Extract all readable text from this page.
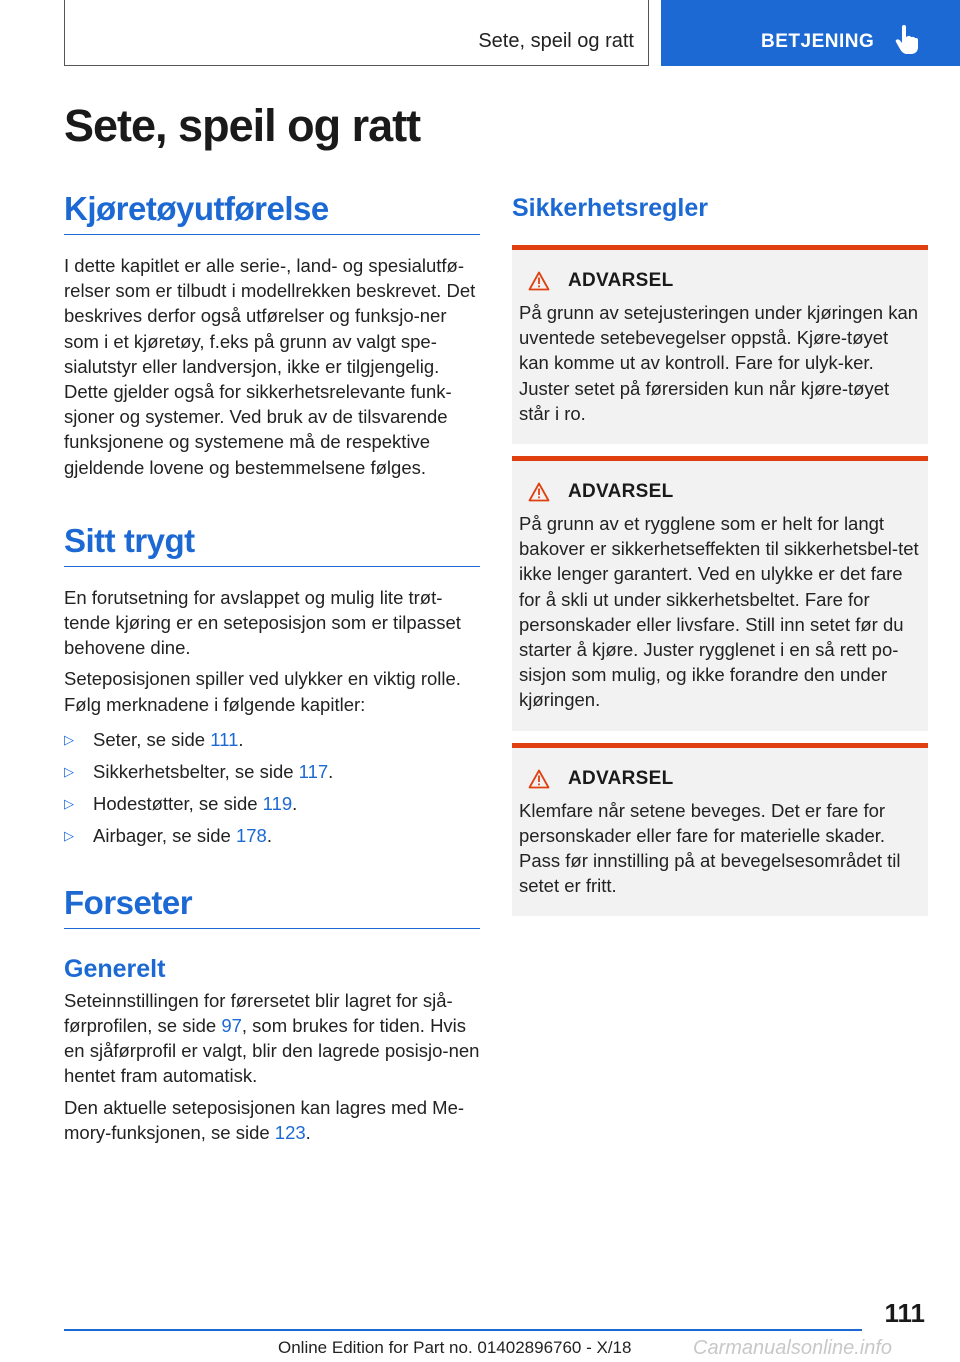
Sete, speil og ratt	BETJENING
Sete, speil og ratt
Kjøretøyutførelse

I dette kapitlet er alle serie-, land- og spesialutfø-relser som er tilbudt i modellrekken beskrevet. Det beskrives derfor også utførelser og funksjo-ner som i et kjøretøy, f.eks på grunn av valgt spe-sialutstyr eller landversjon, ikke er tilgjengelig. Dette gjelder også for sikkerhetsrelevante funk-sjoner og systemer. Ved bruk av de tilsvarende funksjonene og systemene må de respektive gjeldende lovene og bestemmelsene følges.

Sitt trygt

En forutsetning for avslappet og mulig lite trøt-tende kjøring er en seteposisjon som er tilpasset behovene dine.

Seteposisjonen spiller ved ulykker en viktig rolle. Følg merknadene i følgende kapitler:

▷ Seter, se side 111.
▷ Sikkerhetsbelter, se side 117.
▷ Hodestøtter, se side 119.
▷ Airbager, se side 178.
Forseter
Generelt

Seteinnstillingen for førersetet blir lagret for sjå-førprofilen, se side 97, som brukes for tiden. Hvis en sjåførprofil er valgt, blir den lagrede posisjo-nen hentet fram automatisk.

Den aktuelle seteposisjonen kan lagres med Me-mory-funksjonen, se side 123.

Sikkerhetsregler
ADVARSEL

På grunn av setejusteringen under kjøringen kan uventede setebevegelser oppstå. Kjøre-tøyet kan komme ut av kontroll. Fare for ulyk-ker. Juster setet på førersiden kun når kjøre-tøyet står i ro.

ADVARSEL

På grunn av et rygglene som er helt for langt bakover er sikkerhetseffekten til sikkerhetsbel-tet ikke lenger garantert. Ved en ulykke er det fare for å skli ut under sikkerhetsbeltet. Fare for personskader eller livsfare. Still inn setet før du starter å kjøre. Juster rygglenet i en så rett po-sisjon som mulig, og ikke forandre den under kjøringen.

ADVARSEL

Klemfare når setene beveges. Det er fare for personskader eller fare for materielle skader. Pass før innstilling på at bevegelsesområdet til setet er fritt.

111
Online Edition for Part no. 01402896760 - X/18	Carmanualsonline.info
